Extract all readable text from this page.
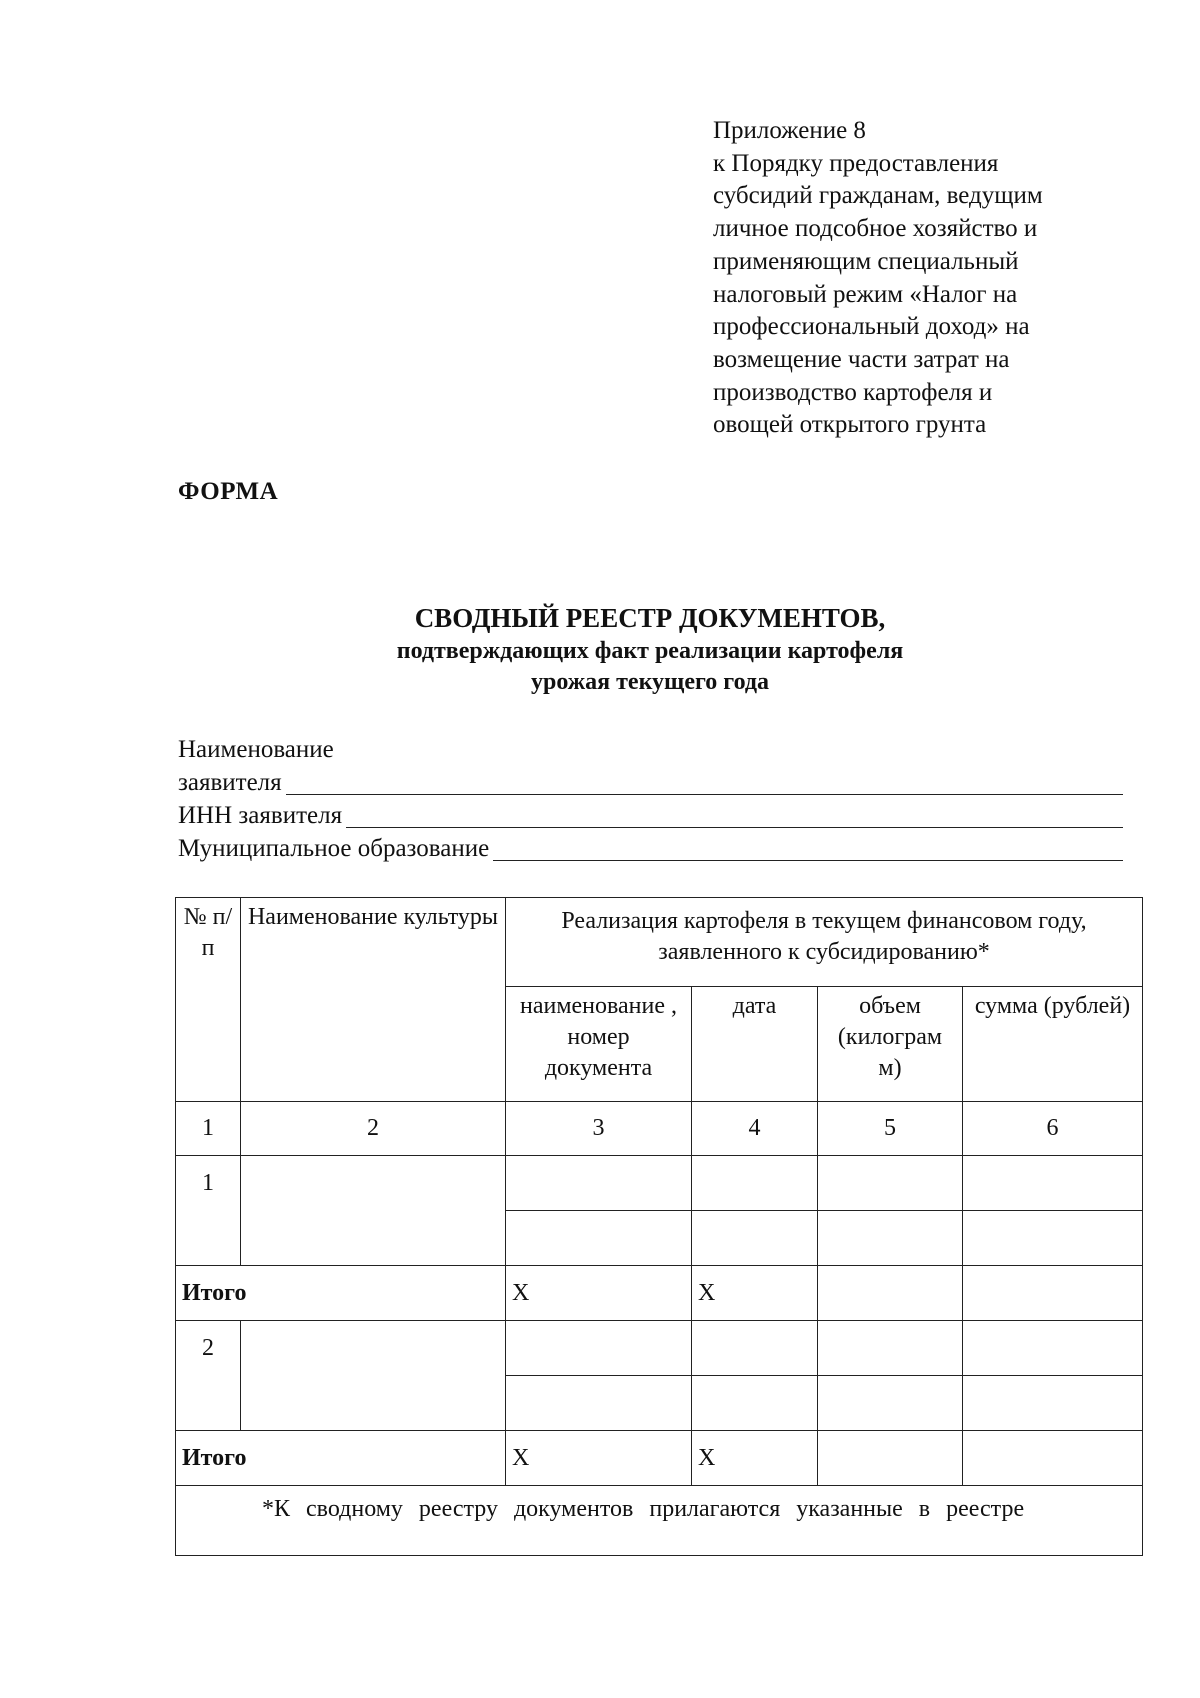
Приложение 8
к Порядку предоставления
субсидий гражданам, ведущим
личное подсобное хозяйство и
применяющим специальный
налоговый режим «Налог на
профессиональный доход» на
возмещение части затрат на
производство картофеля и
овощей открытого грунта
ФОРМА
СВОДНЫЙ РЕЕСТР ДОКУМЕНТОВ,
подтверждающих факт реализации картофеля
урожая текущего года
Наименование
заявителя
ИНН заявителя
Муниципальное образование
№ п/п	Наименование культуры	Реализация картофеля в текущем финансовом году, заявленного к субсидированию*			
		наименование , номер документа	дата	объем (килограм м)	сумма (рублей)
1	2	3	4	5	6
1					

Итого		X	X		
2					

Итого		X	X		

*К сводному реестру документов прилагаются указанные в реестре					
